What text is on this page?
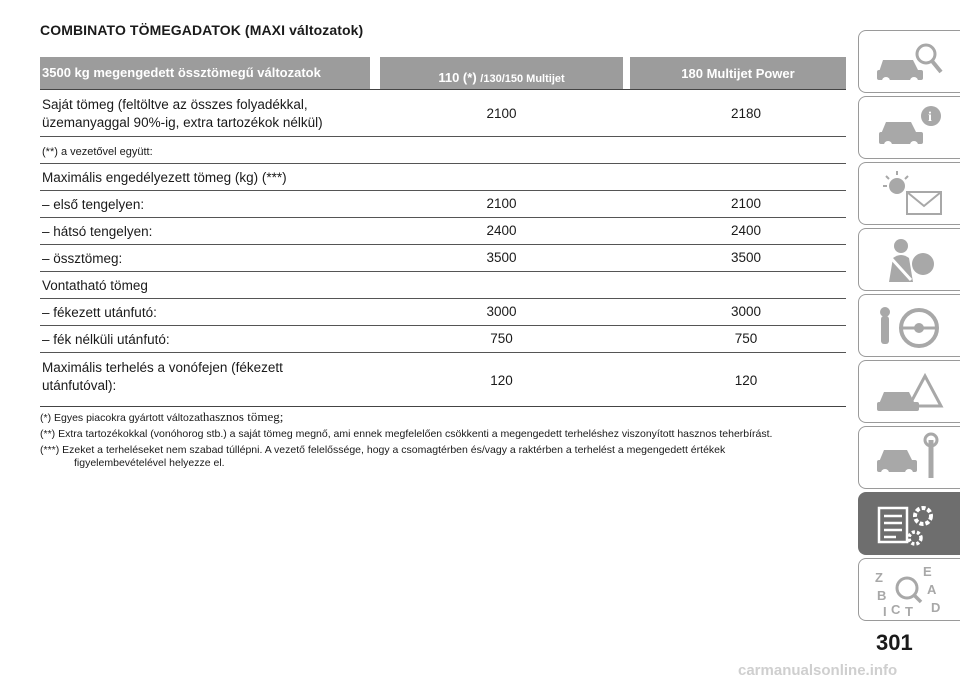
COMBINATO TÖMEGADATOK (MAXI változatok)
3500 kg megengedett össztömegű változatok	110 (*) /130/150 Multijet	180 Multijet Power
Saját tömeg (feltöltve az összes folyadékkal,
üzemanyaggal 90%-ig, extra tartozékok nélkül)
2100	2180
(**) a vezetővel együtt:
Maximális engedélyezett tömeg (kg) (***)
– első tengelyen:	2100	2100
– hátsó tengelyen:	2400	2400
– össztömeg:	3500	3500
Vontatható tömeg
– fékezett utánfutó:	3000	3000
– fék nélküli utánfutó:	750	750
Maximális terhelés a vonófejen (fékezett
utánfutóval):	120	120
(*) Egyes piacokra gyártott változathasznos tömeg;
(**) Extra tartozékokkal (vonóhorog stb.) a saját tömeg megnő, ami ennek megfelelően csökkenti a megengedett terheléshez viszonyított hasznos teherbírást.
(***) Ezeket a terheléseket nem szabad túllépni. A vezető felelőssége, hogy a csomagtérben és/vagy a raktérben a terhelést a megengedett értékek
figyelembevételével helyezze el.
i
Z	E
A
B
C T D
I
301
carmanualsonline.info
